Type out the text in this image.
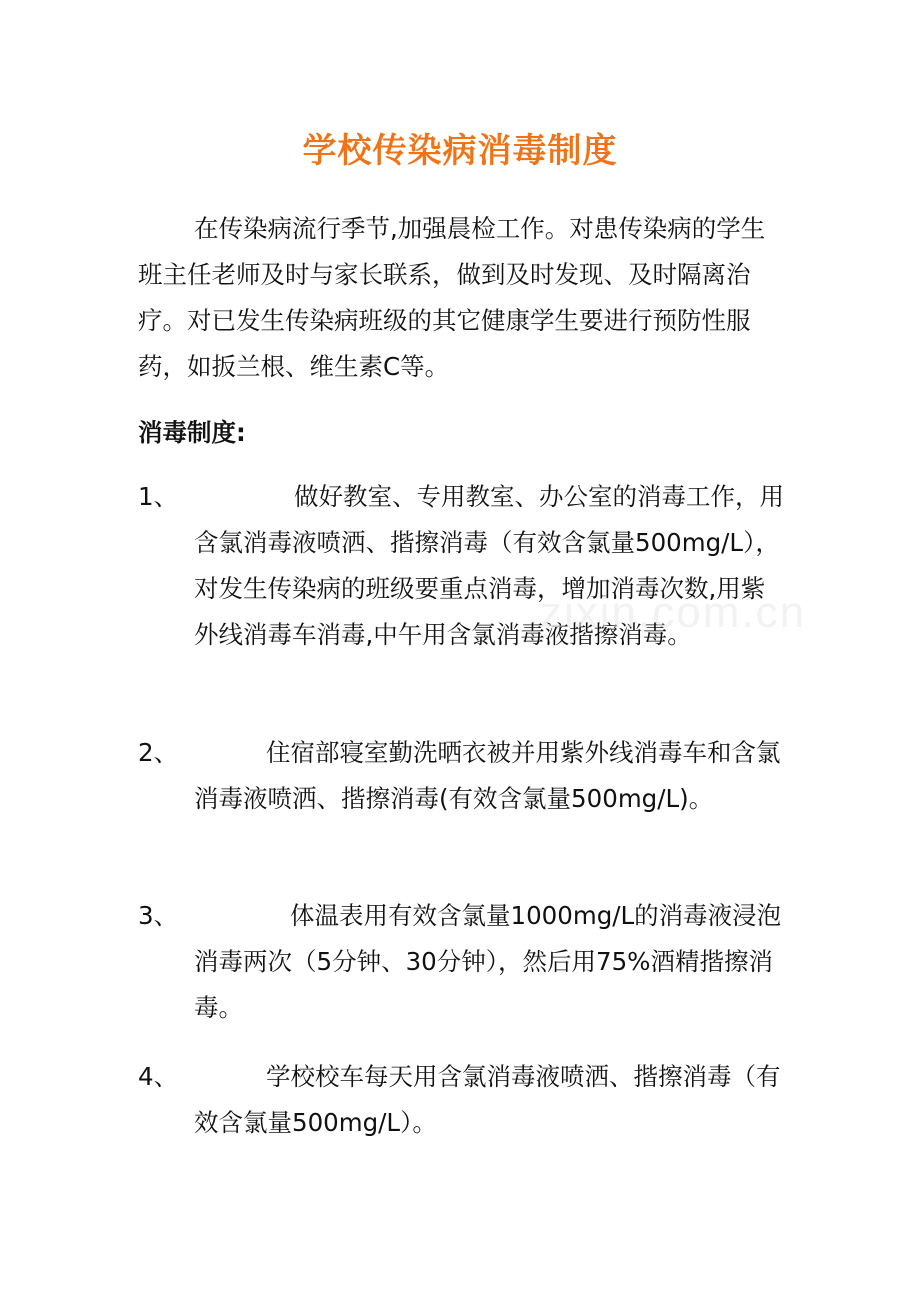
学校传染病消毒制度

在传染病流行季节,加强晨检工作。对患传染病的学生班主任老师及时与家长联系，做到及时发现、及时隔离治疗。对已发生传染病班级的其它健康学生要进行预防性服药，如扳兰根、维生素C等。

消毒制度:
1、	做好教室、专用教室、办公室的消毒工作，用含氯消毒液喷洒、揩擦消毒（有效含氯量500mg/L），对发生传染病的班级要重点消毒，增加消毒次数,用紫外线消毒车消毒,中午用含氯消毒液揩擦消毒。
2、	住宿部寝室勤洗晒衣被并用紫外线消毒车和含氯消毒液喷洒、揩擦消毒(有效含氯量500mg/L)。
3、	体温表用有效含氯量1000mg/L的消毒液浸泡消毒两次（5分钟、30分钟），然后用75%酒精揩擦消毒。
4、	学校校车每天用含氯消毒液喷洒、揩擦消毒（有效含氯量500mg/L）。
zixin.com.cn
